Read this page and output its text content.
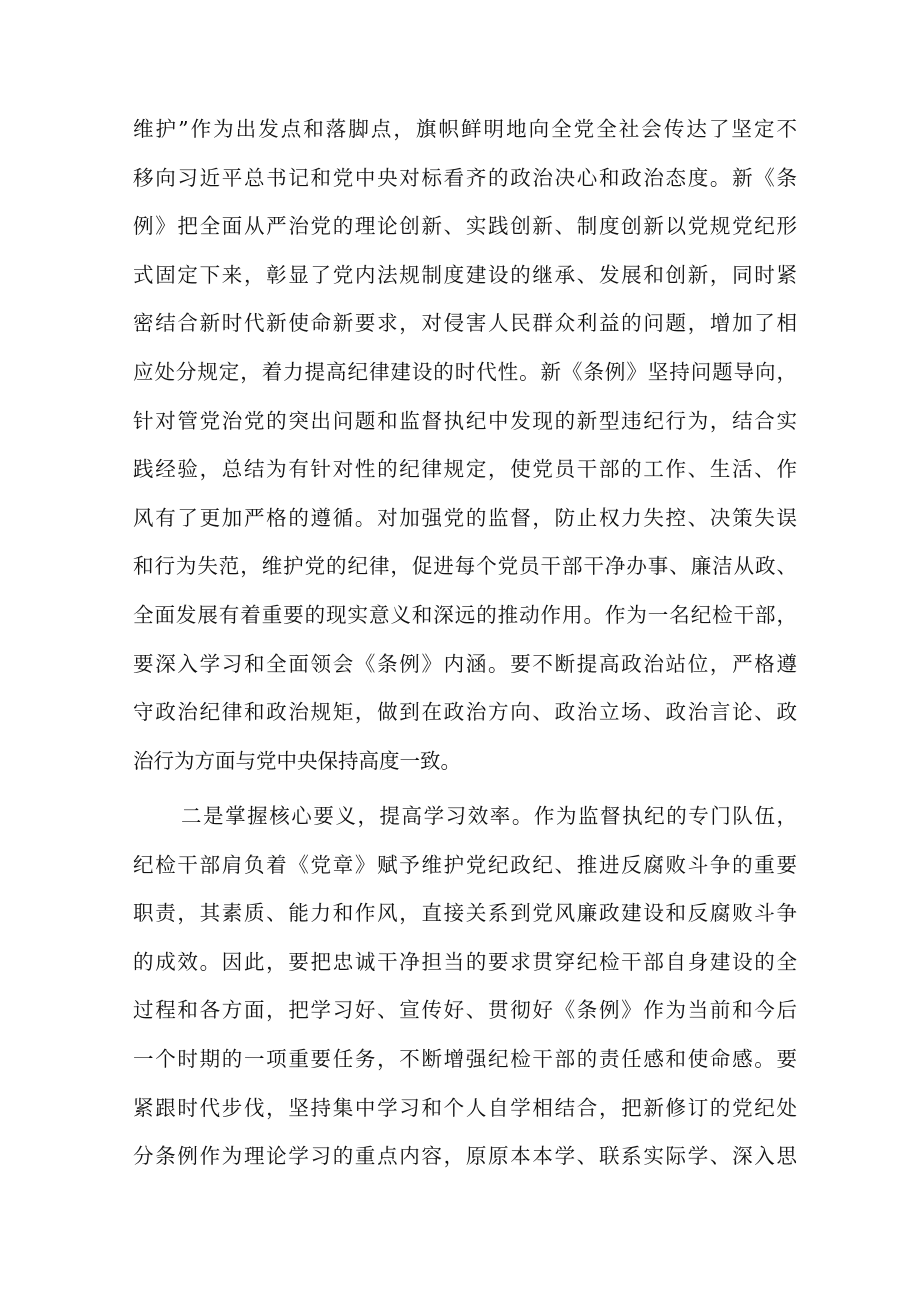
维护”作为出发点和落脚点，旗帜鲜明地向全党全社会传达了坚定不
移向习近平总书记和党中央对标看齐的政治决心和政治态度。新《条
例》把全面从严治党的理论创新、实践创新、制度创新以党规党纪形
式固定下来，彰显了党内法规制度建设的继承、发展和创新，同时紧
密结合新时代新使命新要求，对侵害人民群众利益的问题，增加了相
应处分规定，着力提高纪律建设的时代性。新《条例》坚持问题导向，
针对管党治党的突出问题和监督执纪中发现的新型违纪行为，结合实
践经验，总结为有针对性的纪律规定，使党员干部的工作、生活、作
风有了更加严格的遵循。对加强党的监督，防止权力失控、决策失误
和行为失范，维护党的纪律，促进每个党员干部干净办事、廉洁从政、
全面发展有着重要的现实意义和深远的推动作用。作为一名纪检干部，
要深入学习和全面领会《条例》内涵。要不断提高政治站位，严格遵
守政治纪律和政治规矩，做到在政治方向、政治立场、政治言论、政
治行为方面与党中央保持高度一致。
二是掌握核心要义，提高学习效率。作为监督执纪的专门队伍，
纪检干部肩负着《党章》赋予维护党纪政纪、推进反腐败斗争的重要
职责，其素质、能力和作风，直接关系到党风廉政建设和反腐败斗争
的成效。因此，要把忠诚干净担当的要求贯穿纪检干部自身建设的全
过程和各方面，把学习好、宣传好、贯彻好《条例》作为当前和今后
一个时期的一项重要任务，不断增强纪检干部的责任感和使命感。要
紧跟时代步伐，坚持集中学习和个人自学相结合，把新修订的党纪处
分条例作为理论学习的重点内容，原原本本学、联系实际学、深入思
